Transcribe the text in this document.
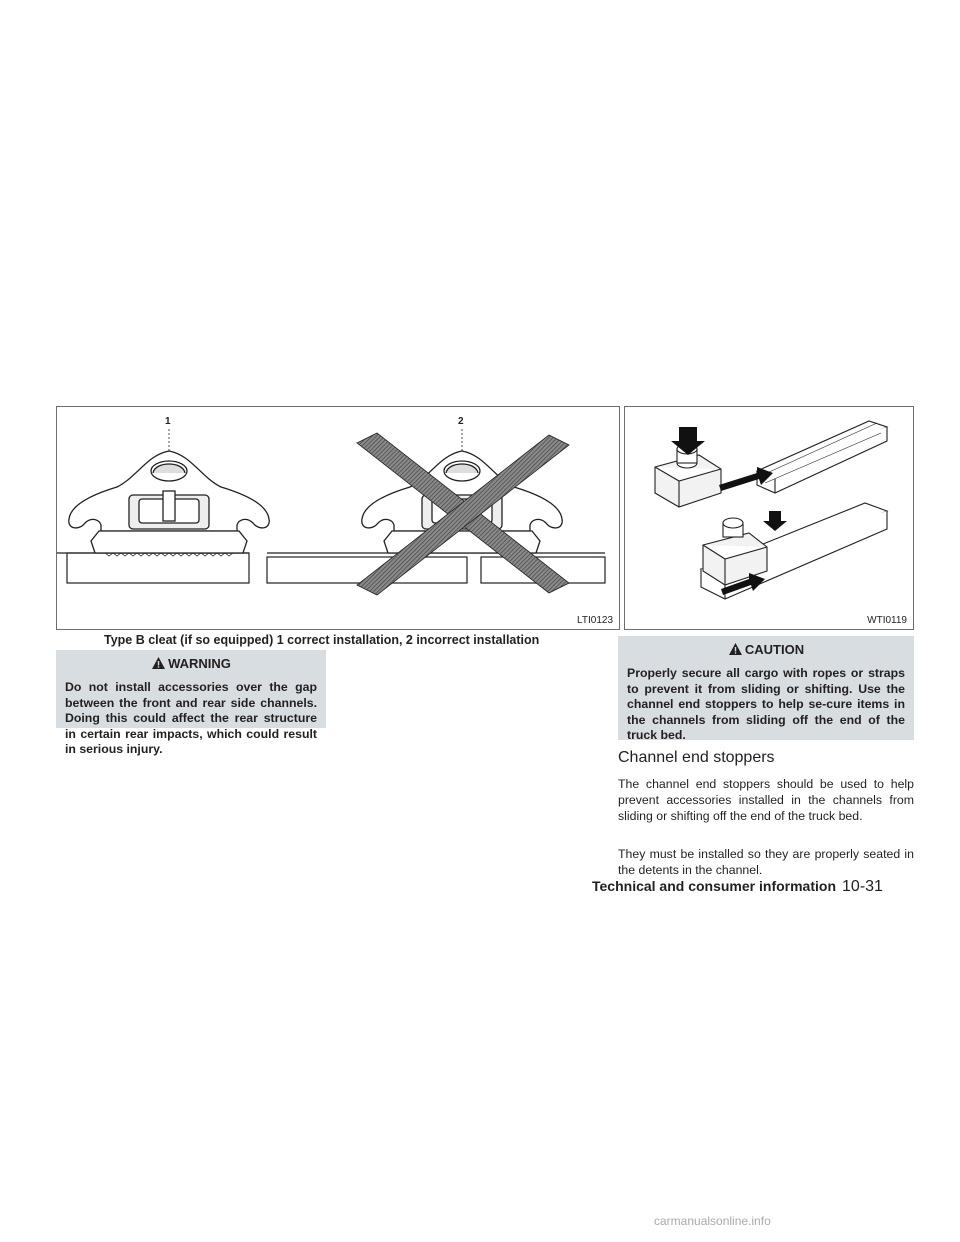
1	2
LTI0123
Type B cleat (if so equipped) 1 correct installation, 2 incorrect installation
WTI0119
WARNING
Do not install accessories over the gap between the front and rear side channels. Doing this could affect the rear structure in certain rear impacts, which could result in serious injury.
CAUTION
Properly secure all cargo with ropes or straps to prevent it from sliding or shifting. Use the channel end stoppers to help se-cure items in the channels from sliding off the end of the truck bed.
Channel end stoppers
The channel end stoppers should be used to help prevent accessories installed in the channels from sliding or shifting off the end of the truck bed.
They must be installed so they are properly seated in the detents in the channel.
Technical and consumer information 10-31
carmanualsonline.info
